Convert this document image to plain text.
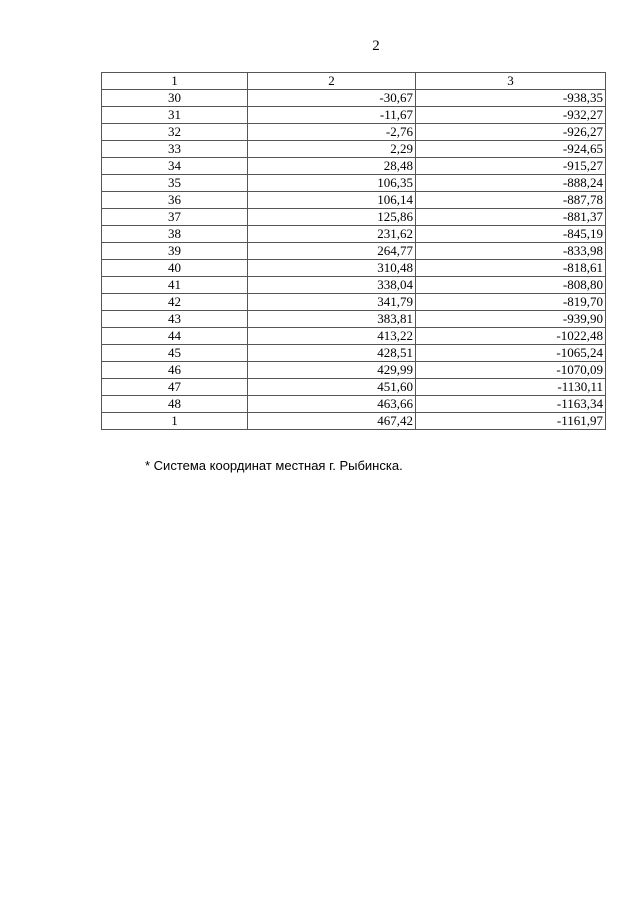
2
1	2	3
30	-30,67	-938,35
31	-11,67	-932,27
32	-2,76	-926,27
33	2,29	-924,65
34	28,48	-915,27
35	106,35	-888,24
36	106,14	-887,78
37	125,86	-881,37
38	231,62	-845,19
39	264,77	-833,98
40	310,48	-818,61
41	338,04	-808,80
42	341,79	-819,70
43	383,81	-939,90
44	413,22	-1022,48
45	428,51	-1065,24
46	429,99	-1070,09
47	451,60	-1130,11
48	463,66	-1163,34
1	467,42	-1161,97
* Система координат местная г. Рыбинска.
